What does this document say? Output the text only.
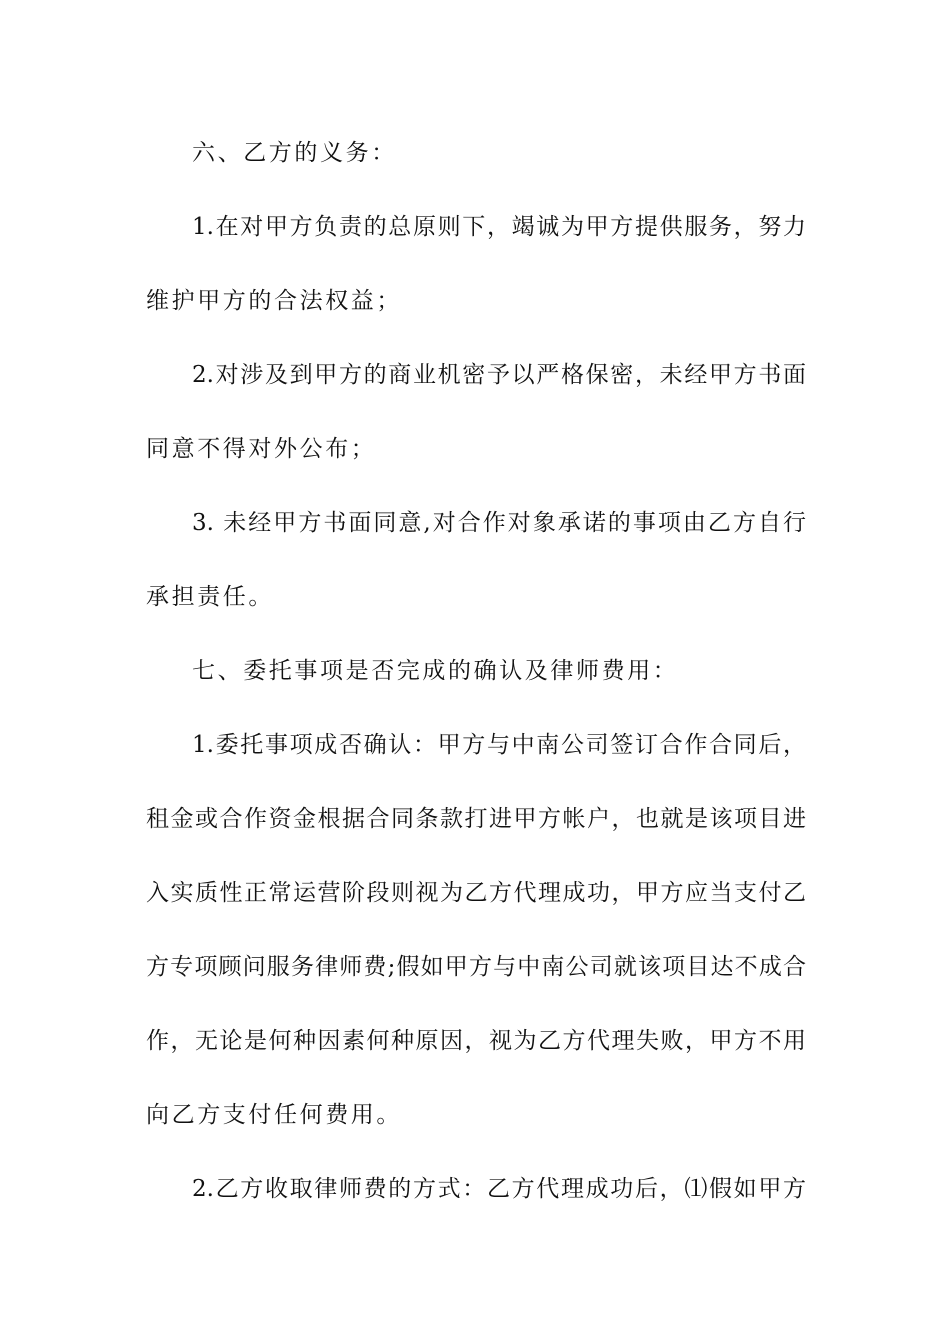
六、乙方的义务：
1.在对甲方负责的总原则下，竭诚为甲方提供服务，努力
维护甲方的合法权益；
2.对涉及到甲方的商业机密予以严格保密，未经甲方书面
同意不得对外公布；
3. 未经甲方书面同意,对合作对象承诺的事项由乙方自行
承担责任。
七、委托事项是否完成的确认及律师费用：
1.委托事项成否确认：甲方与中南公司签订合作合同后，
租金或合作资金根据合同条款打进甲方帐户，也就是该项目进
入实质性正常运营阶段则视为乙方代理成功，甲方应当支付乙
方专项顾问服务律师费;假如甲方与中南公司就该项目达不成合
作，无论是何种因素何种原因，视为乙方代理失败，甲方不用
向乙方支付任何费用。
2.乙方收取律师费的方式：乙方代理成功后，⑴假如甲方
